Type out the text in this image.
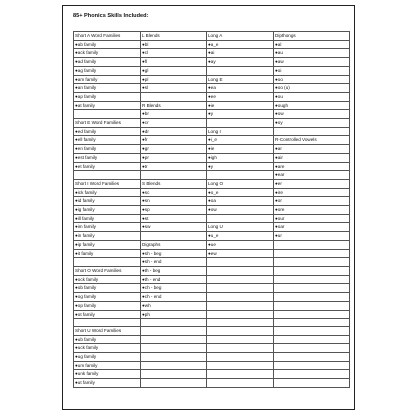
85+ Phonics Skills Included:
Short A Word Families	L Blends	Long A	Dipthongs
●ab family	●bl	●a_e	●al
●ack family	●cl	●ai	●au
●ad family	●fl	●ay	●aw
●ag family	●gl		●oi
●am family	●pl	Long E	●oo
●an family	●sl	●ea	●oo (u)
●ap family		●ee	●ou
●at family	R Blends	●ie	●ough
	●br	●y	●ow
Short E Word Families	●cr		●oy
●ed family	●dr	Long I	
●ell family	●fr	●i_e	R-Controlled Vowels
●en family	●gr	●ie	●ar
●est family	●pr	●igh	●air
●et family	●tr	●y	●are
			●ear
Short I Word Families	S Blends	Long O	●er
●ick family	●sc	●o_e	●ire
●id family	●sn	●oa	●or
●ig family	●sp	●ow	●ore
●ill family	●st		●our
●im family	●sw	Long U	●oar
●in family		●u_e	●ur
●ip family	Digraphs	●ue	
●it family	●sh - beg	●ew	
	●sh - end		
Short O Word Families	●th - beg		
●ock family	●th - end		
●ob family	●ch - beg		
●og family	●ch - end		
●op family	●wh		
●ot family	●ph		

Short U Word Families			
●ub family			
●uck family			
●ug family			
●um family			
●unk family			
●ut family			
